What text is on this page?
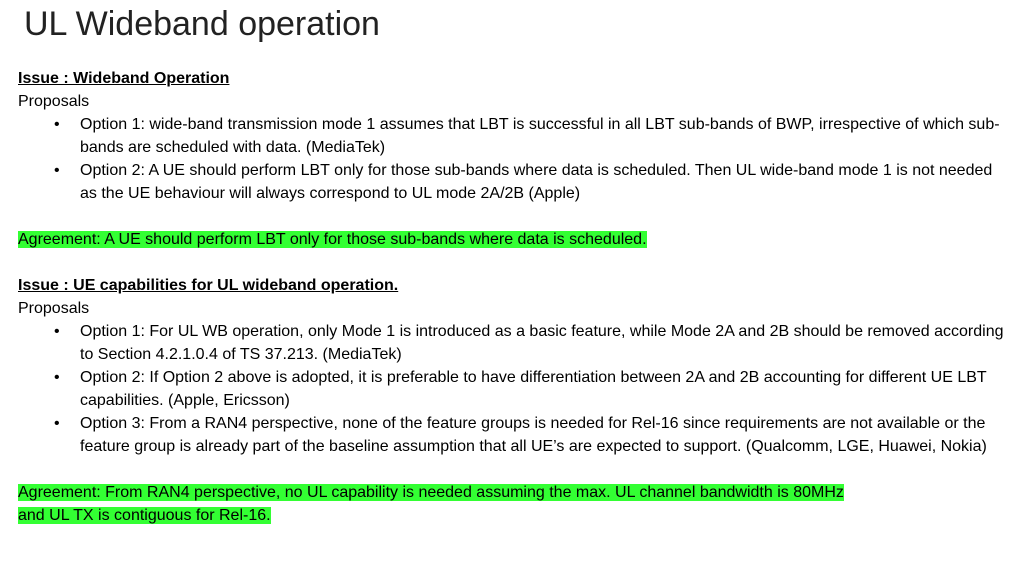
UL Wideband operation

Issue : Wideband Operation

Proposals

• Option 1: wide-band transmission mode 1 assumes that LBT is successful in all LBT sub-bands of BWP, irrespective of which sub-bands are scheduled with data. (MediaTek)
• Option 2: A UE should perform LBT only for those sub-bands where data is scheduled. Then UL wide-band mode 1 is not needed as the UE behaviour will always correspond to UL mode 2A/2B (Apple)

Agreement: A UE should perform LBT only for those sub-bands where data is scheduled.

Issue : UE capabilities for UL wideband operation.

Proposals

• Option 1: For UL WB operation, only Mode 1 is introduced as a basic feature, while Mode 2A and 2B should be removed according to Section 4.2.1.0.4 of TS 37.213. (MediaTek)
• Option 2: If Option 2 above is adopted, it is preferable to have differentiation between 2A and 2B accounting for different UE LBT capabilities. (Apple, Ericsson)
• Option 3: From a RAN4 perspective, none of the feature groups is needed for Rel-16 since requirements are not available or the feature group is already part of the baseline assumption that all UE’s are expected to support. (Qualcomm, LGE, Huawei, Nokia)

Agreement: From RAN4 perspective, no UL capability is needed assuming the max. UL channel bandwidth is 80MHz
and UL TX is contiguous for Rel-16.
